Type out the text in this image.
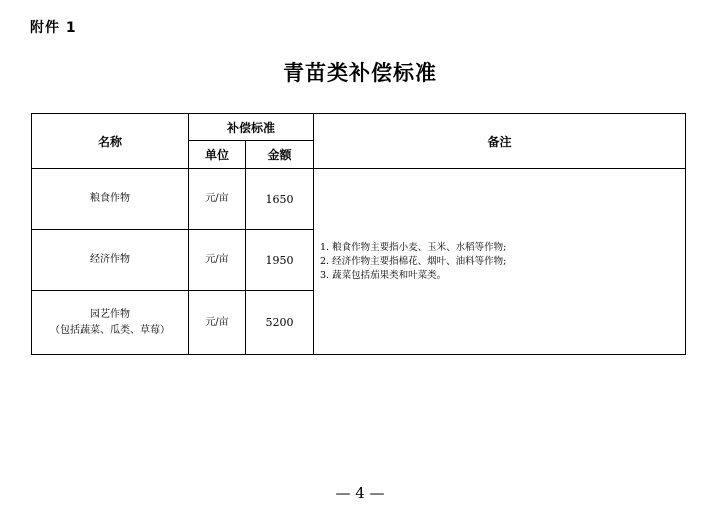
附件 1
青苗类补偿标准
名称	补偿标准		备注
	单位	金额	

粮食作物	元/亩	1650	1. 粮食作物主要指小麦、玉米、水稻等作物;
2. 经济作物主要指棉花、烟叶、油料等作物;
3. 蔬菜包括茄果类和叶菜类。

经济作物	元/亩	1950	

园艺作物
（包括蔬菜、瓜类、草莓）	元/亩	5200	
— 4 —
